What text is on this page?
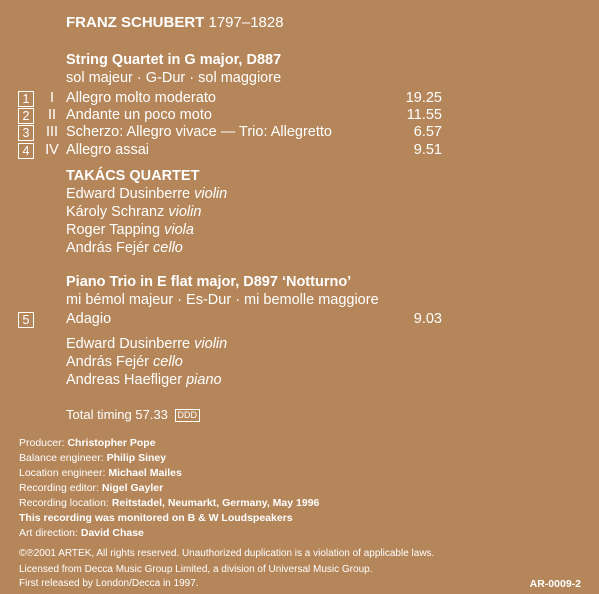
FRANZ SCHUBERT 1797–1828
String Quartet in G major, D887
sol majeur · G-Dur · sol maggiore
1	I Allegro molto moderato	19.25
2	II Andante un poco moto	11.55
3	III Scherzo: Allegro vivace — Trio: Allegretto	6.57
4	IV Allegro assai	9.51
TAKÁCS QUARTET
Edward Dusinberre violin
Károly Schranz violin
Roger Tapping viola
András Fejér cello
Piano Trio in E flat major, D897 ‘Notturno’
mi bémol majeur · Es-Dur · mi bemolle maggiore
5	Adagio	9.03
Edward Dusinberre violin
András Fejér cello
Andreas Haefliger piano
Total timing 57.33 DDD
Producer: Christopher Pope
Balance engineer: Philip Siney
Location engineer: Michael Mailes
Recording editor: Nigel Gayler
Recording location: Reitstadel, Neumarkt, Germany, May 1996
This recording was monitored on B & W Loudspeakers
Art direction: David Chase
©℗2001 ARTEK, All rights reserved. Unauthorized duplication is a violation of applicable laws.
Licensed from Decca Music Group Limited, a division of Universal Music Group.
First released by London/Decca in 1997.	AR-0009-2
